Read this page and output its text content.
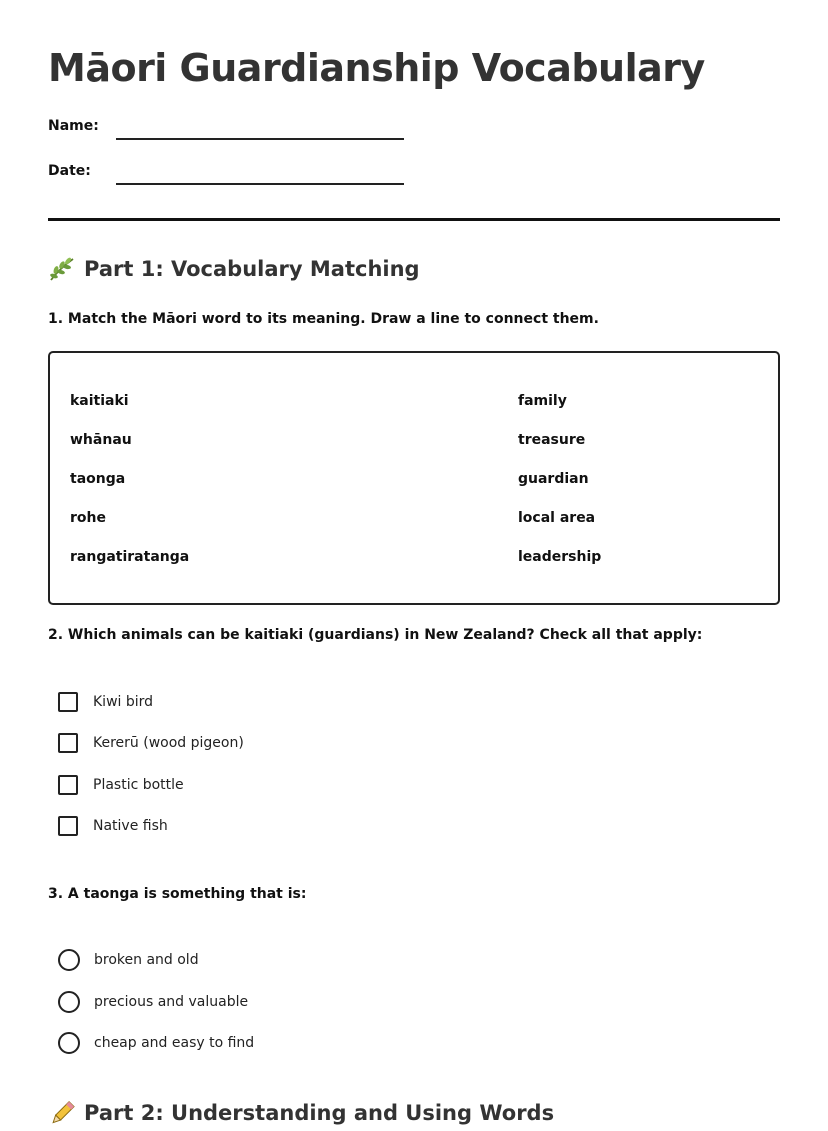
Māori Guardianship Vocabulary
Name:
Date:
Part 1: Vocabulary Matching
1. Match the Māori word to its meaning. Draw a line to connect them.
kaitiaki
whānau
taonga
rohe
rangatiratanga
family
treasure
guardian
local area
leadership
2. Which animals can be kaitiaki (guardians) in New Zealand? Check all that apply:
Kiwi bird
Kererū (wood pigeon)
Plastic bottle
Native fish
3. A taonga is something that is:
broken and old
precious and valuable
cheap and easy to find
Part 2: Understanding and Using Words
